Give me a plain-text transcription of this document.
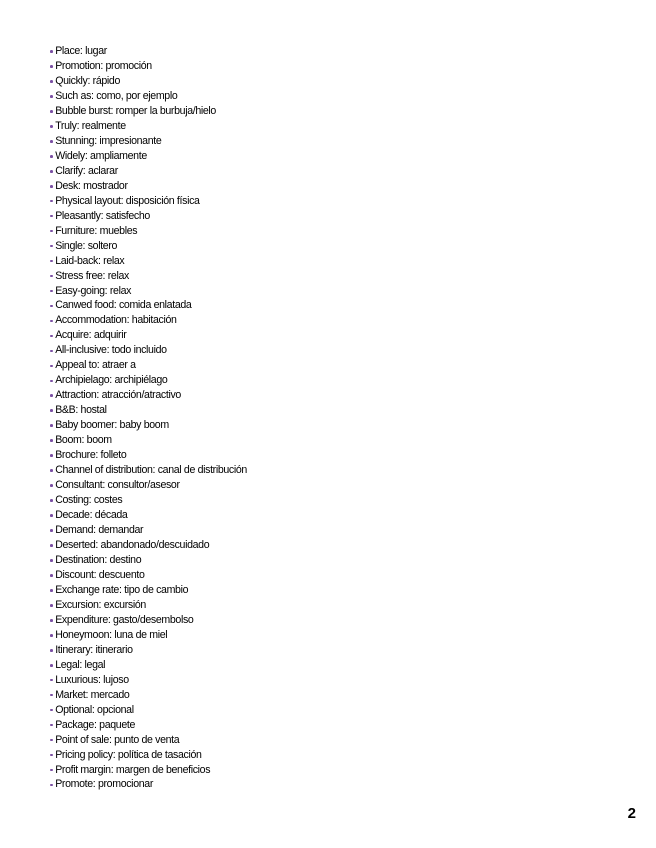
Place: lugar
Promotion: promoción
Quickly: rápido
Such as: como, por ejemplo
Bubble burst: romper la burbuja/hielo
Truly: realmente
Stunning: impresionante
Widely: ampliamente
Clarify: aclarar
Desk: mostrador
Physical layout: disposición física
Pleasantly: satisfecho
Furniture: muebles
Single: soltero
Laid-back: relax
Stress free: relax
Easy-going: relax
Canwed food: comida enlatada
Accommodation: habitación
Acquire: adquirir
All-inclusive: todo incluido
Appeal to: atraer a
Archipielago: archipiélago
Attraction: atracción/atractivo
B&B: hostal
Baby boomer: baby boom
Boom: boom
Brochure: folleto
Channel of distribution: canal de distribución
Consultant: consultor/asesor
Costing: costes
Decade: década
Demand: demandar
Deserted: abandonado/descuidado
Destination: destino
Discount: descuento
Exchange rate: tipo de cambio
Excursion: excursión
Expenditure: gasto/desembolso
Honeymoon: luna de miel
Itinerary: itinerario
Legal: legal
Luxurious: lujoso
Market: mercado
Optional: opcional
Package: paquete
Point of sale: punto de venta
Pricing policy: política de tasación
Profit margin: margen de beneficios
Promote: promocionar
2
